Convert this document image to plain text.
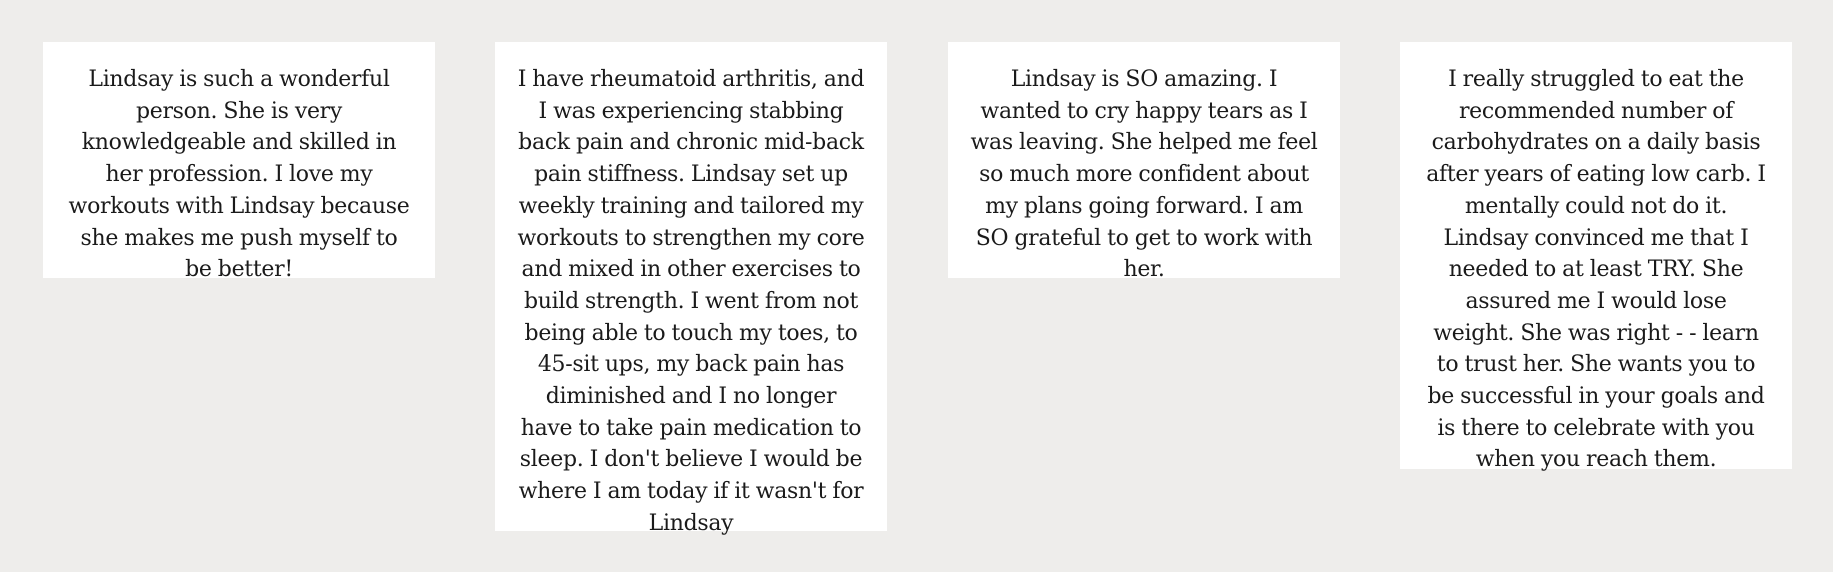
Lindsay is such a wonderful person. She is very knowledgeable and skilled in her profession. I love my workouts with Lindsay because she makes me push myself to be better!

I have rheumatoid arthritis, and I was experiencing stabbing back pain and chronic mid-back pain stiffness. Lindsay set up weekly training and tailored my workouts to strengthen my core and mixed in other exercises to build strength. I went from not being able to touch my toes, to 45-sit ups, my back pain has diminished and I no longer have to take pain medication to sleep. I don't believe I would be where I am today if it wasn't for Lindsay

Lindsay is SO amazing. I wanted to cry happy tears as I was leaving. She helped me feel so much more confident about my plans going forward. I am SO grateful to get to work with her.

I really struggled to eat the recommended number of carbohydrates on a daily basis after years of eating low carb. I mentally could not do it. Lindsay convinced me that I needed to at least TRY. She assured me I would lose weight. She was right - - learn to trust her. She wants you to be successful in your goals and is there to celebrate with you when you reach them.
